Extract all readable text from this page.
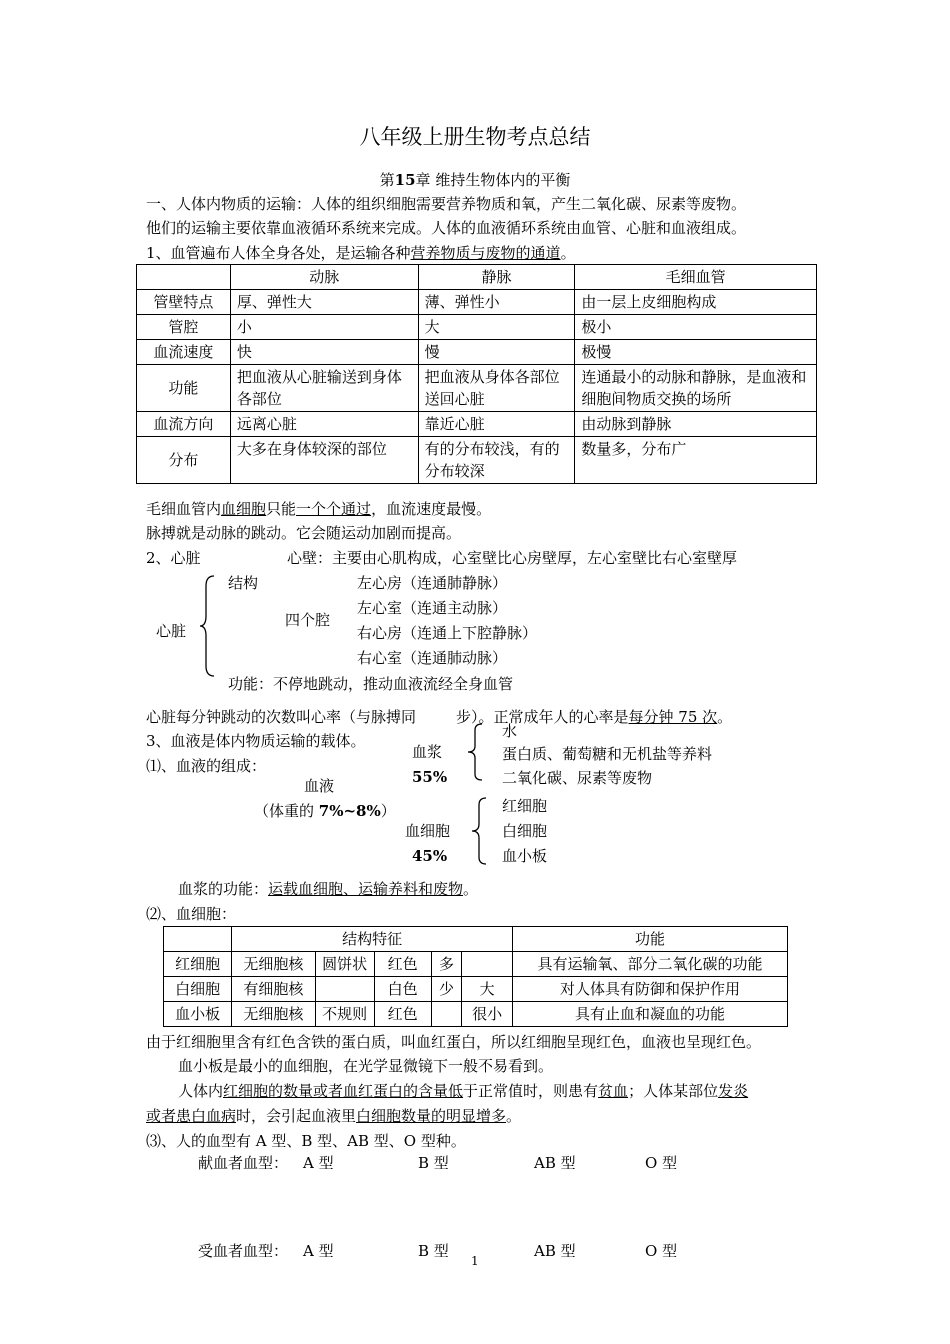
八年级上册生物考点总结
第15章 维持生物体内的平衡
一、人体内物质的运输：人体的组织细胞需要营养物质和氧，产生二氧化碳、尿素等废物。
他们的运输主要依靠血液循环系统来完成。人体的血液循环系统由血管、心脏和血液组成。
1、血管遍布人体全身各处，是运输各种营养物质与废物的通道。
	动脉	静脉	毛细血管
管壁特点	厚、弹性大	薄、弹性小	由一层上皮细胞构成
管腔	小	大	极小
血流速度	快	慢	极慢
功能	把血液从心脏输送到身体各部位	把血液从身体各部位送回心脏	连通最小的动脉和静脉，是血液和细胞间物质交换的场所
血流方向	远离心脏	靠近心脏	由动脉到静脉
分布	大多在身体较深的部位	有的分布较浅，有的分布较深	数量多，分布广
毛细血管内血细胞只能一个个通过，血流速度最慢。
脉搏就是动脉的跳动。它会随运动加剧而提高。
2、心脏	心壁：主要由心肌构成，心室壁比心房壁厚，左心室壁比右心室壁厚
结构
心脏
四个腔
左心房（连通肺静脉）
左心室（连通主动脉）
右心房（连通上下腔静脉）
右心室（连通肺动脉）
功能：不停地跳动，推动血液流经全身血管
心脏每分钟跳动的次数叫心率（与脉搏同	步）。正常成年人的心率是每分钟 75 次。
3、血液是体内物质运输的载体。
水
血浆	蛋白质、葡萄糖和无机盐等养料
⑴、血液的组成：
55%	二氧化碳、尿素等废物
血液
（体重的 7%~8%）	红细胞
血细胞	白细胞
45%	血小板
血浆的功能：运载血细胞、运输养料和废物。
⑵、血细胞：
	结构特征					功能
红细胞	无细胞核	圆饼状	红色	多		具有运输氧、部分二氧化碳的功能
白细胞	有细胞核		白色	少	大	对人体具有防御和保护作用
血小板	无细胞核	不规则	红色		很小	具有止血和凝血的功能
由于红细胞里含有红色含铁的蛋白质，叫血红蛋白，所以红细胞呈现红色，血液也呈现红色。
血小板是最小的血细胞，在光学显微镜下一般不易看到。
人体内红细胞的数量或者血红蛋白的含量低于正常值时，则患有贫血；人体某部位发炎
或者患白血病时，会引起血液里白细胞数量的明显增多。
⑶、人的血型有 A 型、B 型、AB 型、O 型种。
献血者血型： A 型	B 型	AB 型	O 型
受血者血型： A 型	B 型	AB 型	O 型
1
